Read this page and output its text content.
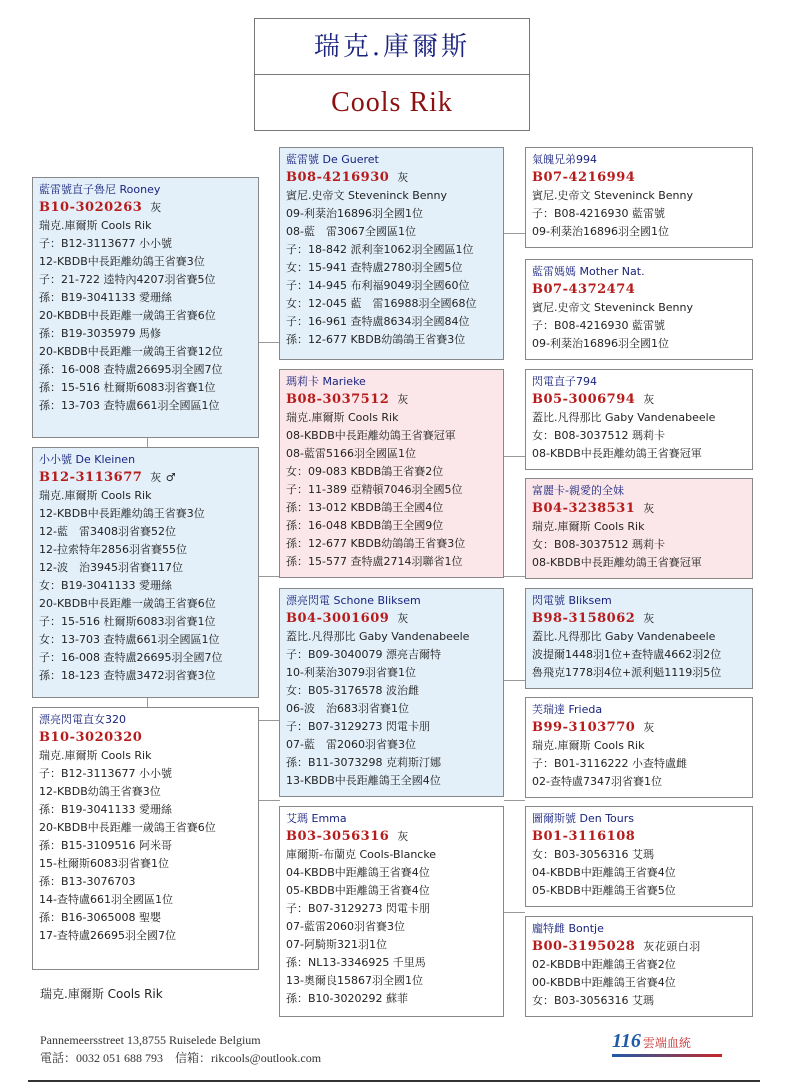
瑞克.庫爾斯
Cools Rik
藍雷號直子魯尼 Rooney
B10-3020263 灰
瑞克.庫爾斯 Cools Rik
子：B12-3113677 小小號
12-KBDB中長距離幼鴿王省賽3位
子：21-722 逵特內4207羽省賽5位
孫：B19-3041133 愛珊絲
20-KBDB中長距離一歲鴿王省賽6位
孫：B19-3035979 馬修
20-KBDB中長距離一歲鴿王省賽12位
孫：16-008 查特盧26695羽全國7位
孫：15-516 杜爾斯6083羽省賽1位
孫：13-703 查特盧661羽全國區1位
小小號 De Kleinen
B12-3113677 灰 ♂
瑞克.庫爾斯 Cools Rik
12-KBDB中長距離幼鴿王省賽3位
12-藍　雷3408羽省賽52位
12-拉索特年2856羽省賽55位
12-波　治3945羽省賽117位
女：B19-3041133 愛珊絲
20-KBDB中長距離一歲鴿王省賽6位
子：15-516 杜爾斯6083羽省賽1位
女：13-703 查特盧661羽全國區1位
子：16-008 查特盧26695羽全國7位
孫：18-123 查特盧3472羽省賽3位
漂亮閃電直女320
B10-3020320
瑞克.庫爾斯 Cools Rik
子：B12-3113677 小小號
12-KBDB幼鴿王省賽3位
孫：B19-3041133 愛珊絲
20-KBDB中長距離一歲鴿王省賽6位
孫：B15-3109516 阿米哥
15-杜爾斯6083羽省賽1位
孫：B13-3076703
14-查特盧661羽全國區1位
孫：B16-3065008 聖嬰
17-查特盧26695羽全國7位
藍雷號 De Gueret
B08-4216930 灰
賓尼.史帝文 Steveninck Benny
09-利棻治16896羽全國1位
08-藍　雷3067全國區1位
子：18-842 派利奎1062羽全國區1位
女：15-941 查特盧2780羽全國5位
子：14-945 布利福9049羽全國60位
女：12-045 藍　雷16988羽全國68位
子：16-961 查特盧8634羽全國84位
孫：12-677 KBDB幼鴿鴿王省賽3位
瑪莉卡 Marieke
B08-3037512 灰
瑞克.庫爾斯 Cools Rik
08-KBDB中長距離幼鴿王省賽冠軍
08-藍雷5166羽全國區1位
女：09-083 KBDB鴿王省賽2位
子：11-389 亞精頓7046羽全國5位
孫：13-012 KBDB鴿王全國4位
孫：16-048 KBDB鴿王全國9位
孫：12-677 KBDB幼鴿鴿王省賽3位
孫：15-577 查特盧2714羽聯省1位
漂亮閃電 Schone Bliksem
B04-3001609 灰
蓋比.凡得那比 Gaby Vandenabeele
子：B09-3040079 漂亮吉爾特
10-利棻治3079羽省賽1位
女：B05-3176578 波治雌
06-波　治683羽省賽1位
子：B07-3129273 閃電卡朋
07-藍　雷2060羽省賽3位
孫：B11-3073298 克莉斯汀娜
13-KBDB中長距離鴿王全國4位
艾瑪 Emma
B03-3056316 灰
庫爾斯-布蘭克 Cools-Blancke
04-KBDB中距離鴿王省賽4位
05-KBDB中距離鴿王省賽4位
子：B07-3129273 閃電卡朋
07-藍雷2060羽省賽3位
07-阿騎斯321羽1位
孫：NL13-3346925 千里馬
13-奧爾良15867羽全國1位
孫：B10-3020292 蘇菲
氣魄兄弟994
B07-4216994
賓尼.史帝文 Steveninck Benny
子：B08-4216930 藍雷號
09-利棻治16896羽全國1位
藍雷媽媽 Mother Nat.
B07-4372474
賓尼.史帝文 Steveninck Benny
子：B08-4216930 藍雷號
09-利棻治16896羽全國1位
閃電直子794
B05-3006794 灰
蓋比.凡得那比 Gaby Vandenabeele
女：B08-3037512 瑪莉卡
08-KBDB中長距離幼鴿王省賽冠軍
富麗卡-親愛的全妹
B04-3238531 灰
瑞克.庫爾斯 Cools Rik
女：B08-3037512 瑪莉卡
08-KBDB中長距離幼鴿王省賽冠軍
閃電號 Bliksem
B98-3158062 灰
蓋比.凡得那比 Gaby Vandenabeele
波提爾1448羽1位+查特盧4662羽2位
魯飛克1778羽4位+派利魁1119羽5位
芙瑞達 Frieda
B99-3103770 灰
瑞克.庫爾斯 Cools Rik
子：B01-3116222 小查特盧雌
02-查特盧7347羽省賽1位
圖爾斯號 Den Tours
B01-3116108
女：B03-3056316 艾瑪
04-KBDB中距離鴿王省賽4位
05-KBDB中距離鴿王省賽5位
龐特雌 Bontje
B00-3195028 灰花頭白羽
02-KBDB中距離鴿王省賽2位
00-KBDB中距離鴿王省賽4位
女：B03-3056316 艾瑪
瑞克.庫爾斯 Cools Rik
Pannemeersstreet 13,8755 Ruiselede Belgium
電話：0032 051 688 793　信箱：rikcools@outlook.com
116 雲端血統
